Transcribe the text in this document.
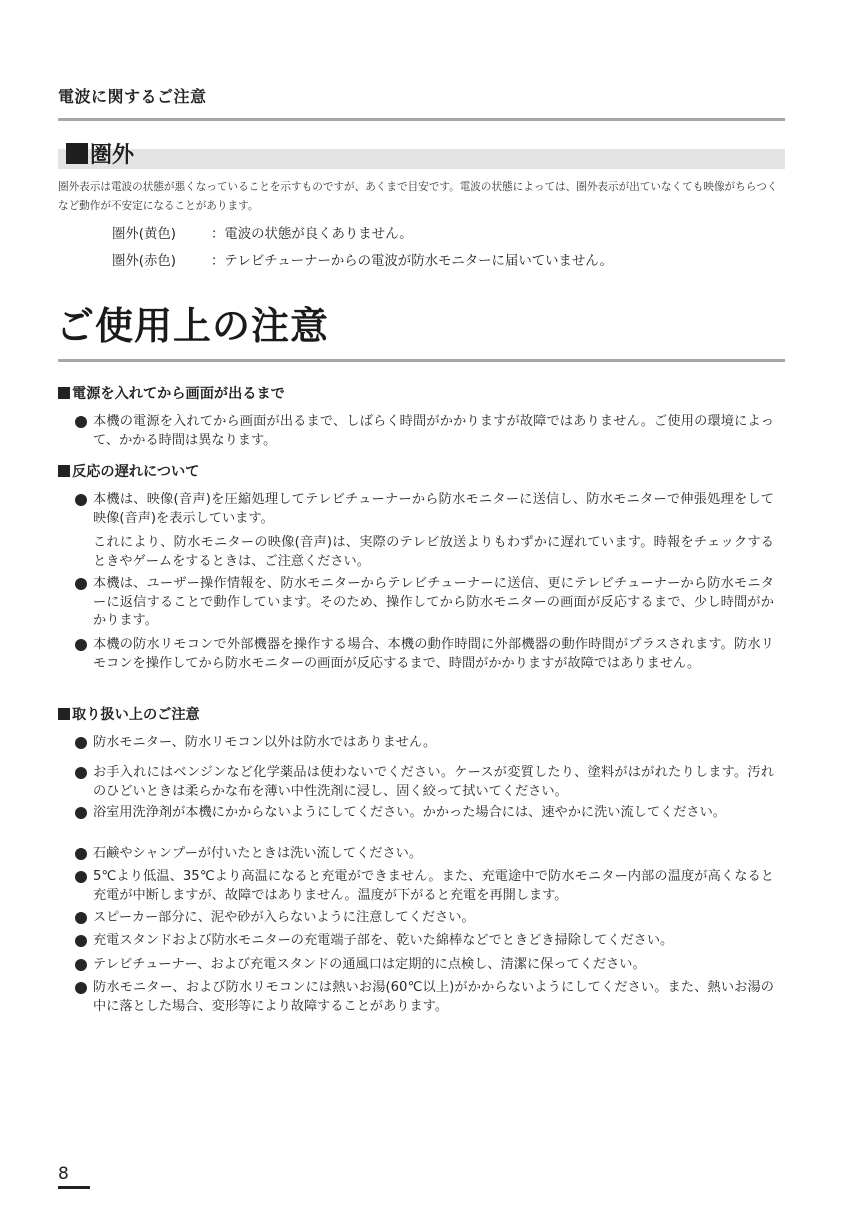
電波に関するご注意
圏外
圏外表示は電波の状態が悪くなっていることを示すものですが、あくまで目安です。電波の状態によっては、圏外表示が出ていなくても映像がちらつくなど動作が不安定になることがあります。
圏外(黄色)	：電波の状態が良くありません。
圏外(赤色)	：テレビチューナーからの電波が防水モニターに届いていません。
ご使用上の注意
電源を入れてから画面が出るまで
本機の電源を入れてから画面が出るまで、しばらく時間がかかりますが故障ではありません。ご使用の環境によって、かかる時間は異なります。
反応の遅れについて
本機は、映像(音声)を圧縮処理してテレビチューナーから防水モニターに送信し、防水モニターで伸張処理をして映像(音声)を表示しています。
これにより、防水モニターの映像(音声)は、実際のテレビ放送よりもわずかに遅れています。時報をチェックするときやゲームをするときは、ご注意ください。
本機は、ユーザー操作情報を、防水モニターからテレビチューナーに送信、更にテレビチューナーから防水モニターに返信することで動作しています。そのため、操作してから防水モニターの画面が反応するまで、少し時間がかかります。
本機の防水リモコンで外部機器を操作する場合、本機の動作時間に外部機器の動作時間がプラスされます。防水リモコンを操作してから防水モニターの画面が反応するまで、時間がかかりますが故障ではありません。
取り扱い上のご注意
防水モニター、防水リモコン以外は防水ではありません。
お手入れにはベンジンなど化学薬品は使わないでください。ケースが変質したり、塗料がはがれたりします。汚れのひどいときは柔らかな布を薄い中性洗剤に浸し、固く絞って拭いてください。
浴室用洗浄剤が本機にかからないようにしてください。かかった場合には、速やかに洗い流してください。
石鹸やシャンプーが付いたときは洗い流してください。
5℃より低温、35℃より高温になると充電ができません。また、充電途中で防水モニター内部の温度が高くなると充電が中断しますが、故障ではありません。温度が下がると充電を再開します。
スピーカー部分に、泥や砂が入らないように注意してください。
充電スタンドおよび防水モニターの充電端子部を、乾いた綿棒などでときどき掃除してください。
テレビチューナー、および充電スタンドの通風口は定期的に点検し、清潔に保ってください。
防水モニター、および防水リモコンには熱いお湯(60℃以上)がかからないようにしてください。また、熱いお湯の中に落とした場合、変形等により故障することがあります。
8
